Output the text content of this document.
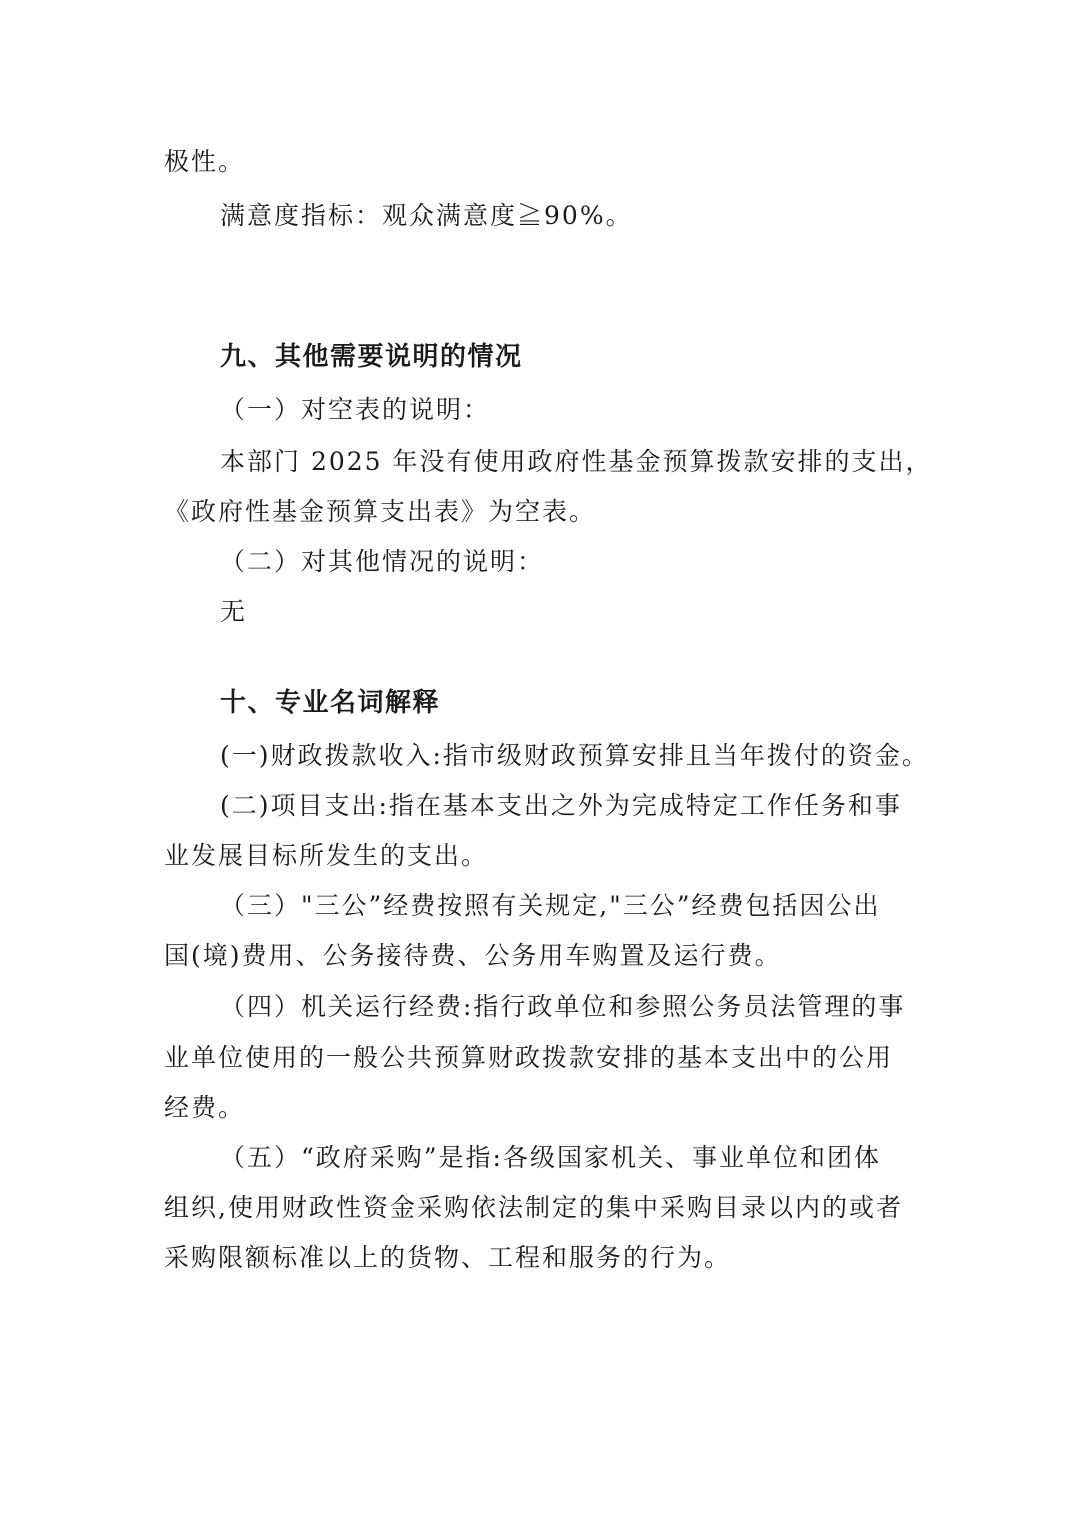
极性。
满意度指标：观众满意度≧90%。
九、其他需要说明的情况
（一）对空表的说明：
本部门 2025 年没有使用政府性基金预算拨款安排的支出，
《政府性基金预算支出表》为空表。
（二）对其他情况的说明：
无
十、专业名词解释
(一)财政拨款收入:指市级财政预算安排且当年拨付的资金。
(二)项目支出:指在基本支出之外为完成特定工作任务和事
业发展目标所发生的支出。
（三）"三公”经费按照有关规定,"三公”经费包括因公出
国(境)费用、公务接待费、公务用车购置及运行费。
（四）机关运行经费:指行政单位和参照公务员法管理的事
业单位使用的一般公共预算财政拨款安排的基本支出中的公用
经费。
（五）“政府采购”是指:各级国家机关、事业单位和团体
组织,使用财政性资金采购依法制定的集中采购目录以内的或者
采购限额标准以上的货物、工程和服务的行为。
